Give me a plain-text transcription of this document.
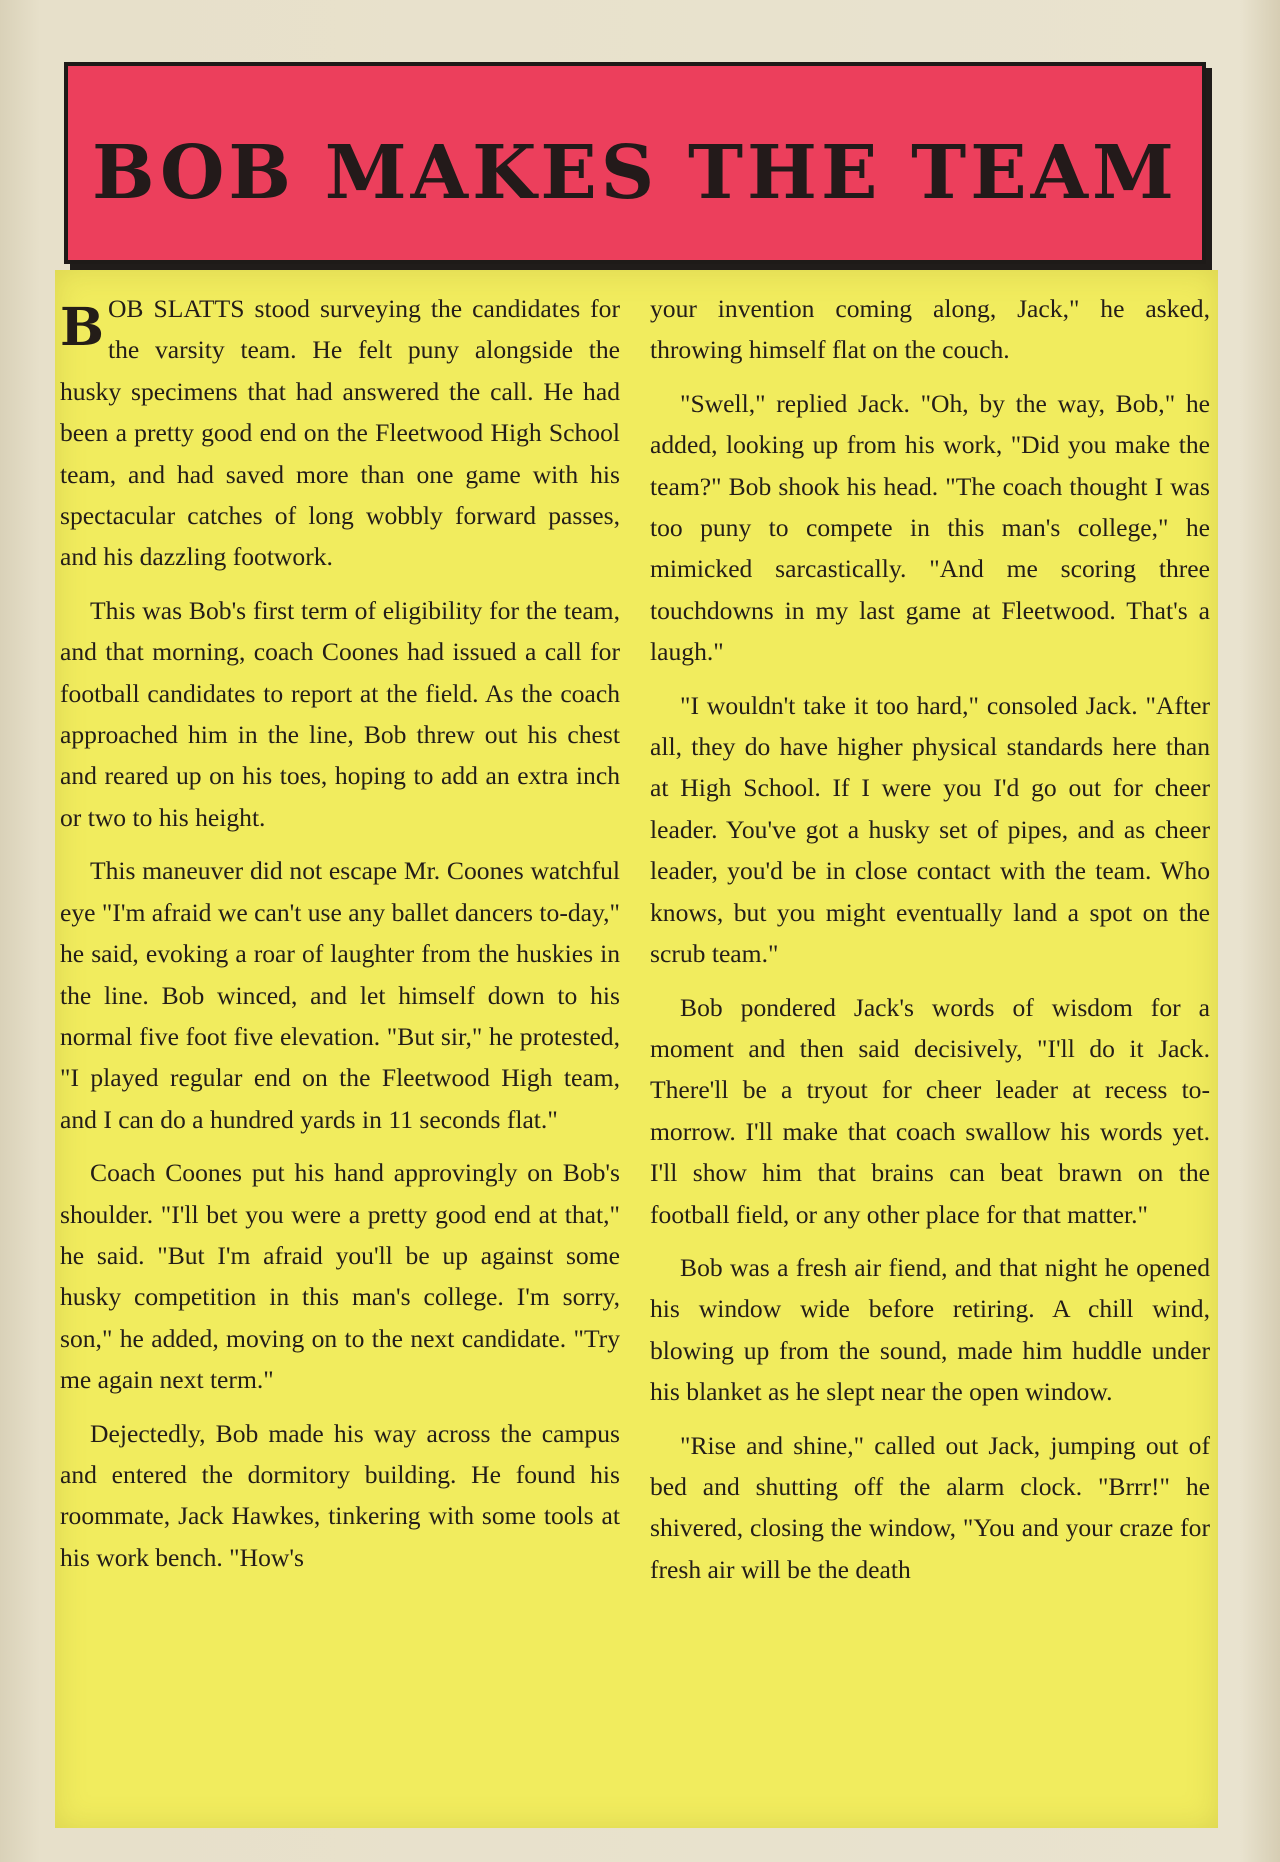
BOB MAKES THE TEAM

BOB SLATTS stood surveying the candidates for the varsity team. He felt puny alongside the husky specimens that had answered the call. He had been a pretty good end on the Fleetwood High School team, and had saved more than one game with his spectacular catches of long wobbly forward passes, and his dazzling footwork.

This was Bob's first term of eligibility for the team, and that morning, coach Coones had issued a call for football candidates to report at the field. As the coach approached him in the line, Bob threw out his chest and reared up on his toes, hoping to add an extra inch or two to his height.

This maneuver did not escape Mr. Coones watchful eye "I'm afraid we can't use any ballet dancers to-day," he said, evoking a roar of laughter from the huskies in the line. Bob winced, and let himself down to his normal five foot five elevation. "But sir," he protested, "I played regular end on the Fleetwood High team, and I can do a hundred yards in 11 seconds flat."

Coach Coones put his hand approvingly on Bob's shoulder. "I'll bet you were a pretty good end at that," he said. "But I'm afraid you'll be up against some husky competition in this man's college. I'm sorry, son," he added, moving on to the next candidate. "Try me again next term."

Dejectedly, Bob made his way across the campus and entered the dormitory building. He found his roommate, Jack Hawkes, tinkering with some tools at his work bench. "How's

your invention coming along, Jack," he asked, throwing himself flat on the couch.

"Swell," replied Jack. "Oh, by the way, Bob," he added, looking up from his work, "Did you make the team?" Bob shook his head. "The coach thought I was too puny to compete in this man's college," he mimicked sarcastically. "And me scoring three touchdowns in my last game at Fleetwood. That's a laugh."

"I wouldn't take it too hard," consoled Jack. "After all, they do have higher physical standards here than at High School. If I were you I'd go out for cheer leader. You've got a husky set of pipes, and as cheer leader, you'd be in close contact with the team. Who knows, but you might eventually land a spot on the scrub team."

Bob pondered Jack's words of wisdom for a moment and then said decisively, "I'll do it Jack. There'll be a tryout for cheer leader at recess to-morrow. I'll make that coach swallow his words yet. I'll show him that brains can beat brawn on the football field, or any other place for that matter."

Bob was a fresh air fiend, and that night he opened his window wide before retiring. A chill wind, blowing up from the sound, made him huddle under his blanket as he slept near the open window.

"Rise and shine," called out Jack, jumping out of bed and shutting off the alarm clock. "Brrr!" he shivered, closing the window, "You and your craze for fresh air will be the death
